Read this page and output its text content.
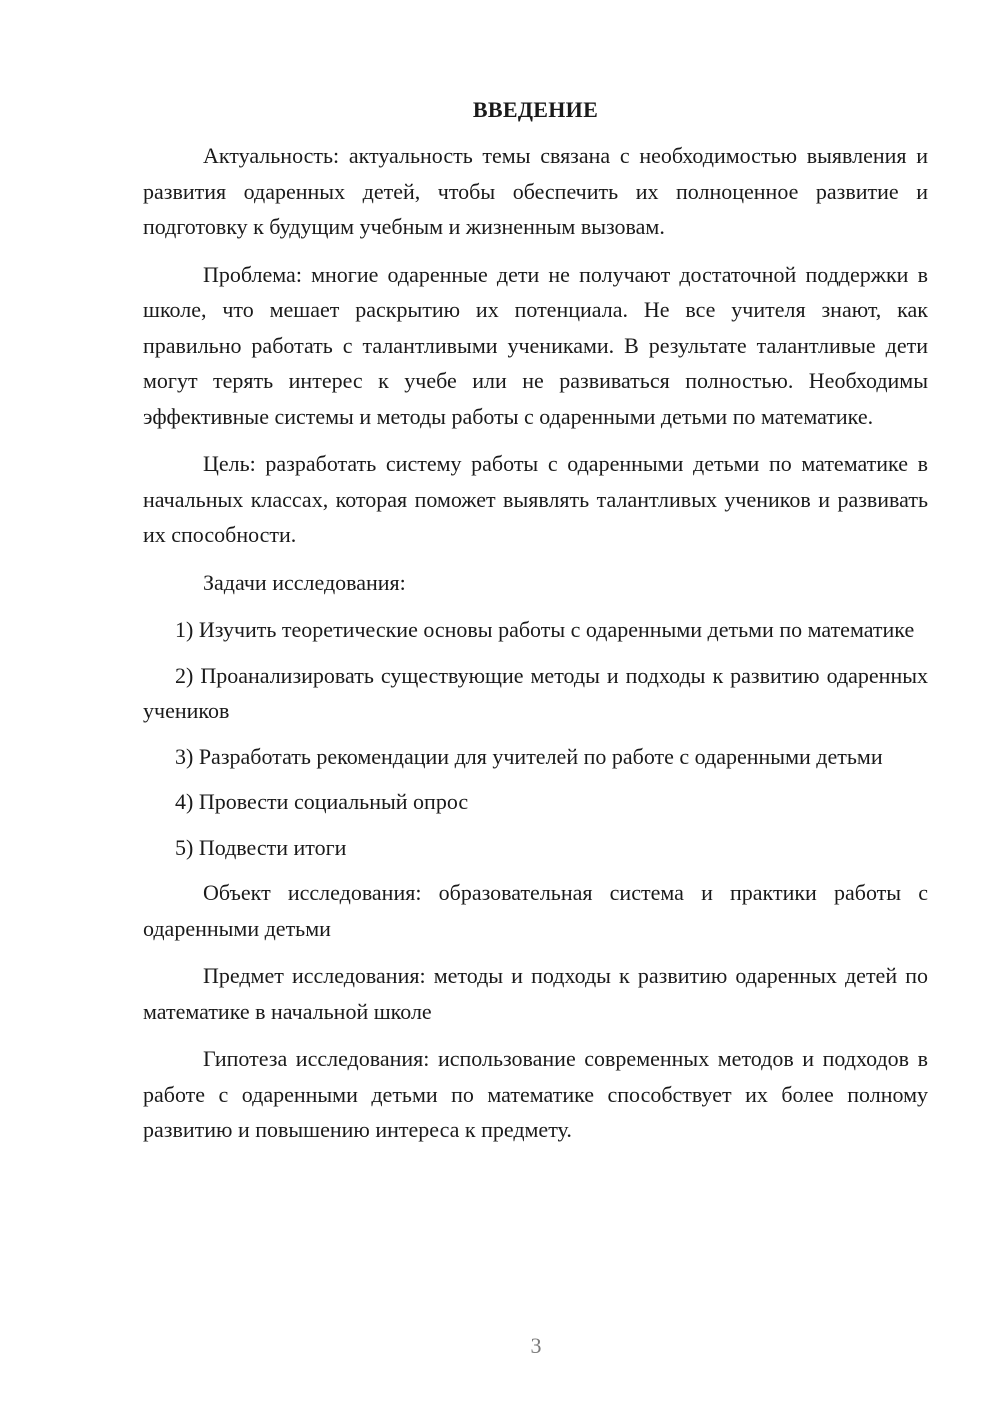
ВВЕДЕНИЕ

Актуальность: актуальность темы связана с необходимостью выявления и развития одаренных детей, чтобы обеспечить их полноценное развитие и подготовку к будущим учебным и жизненным вызовам.

Проблема: многие одаренные дети не получают достаточной поддержки в школе, что мешает раскрытию их потенциала. Не все учителя знают, как правильно работать с талантливыми учениками. В результате талантливые дети могут терять интерес к учебе или не развиваться полностью. Необходимы эффективные системы и методы работы с одаренными детьми по математике.

Цель: разработать систему работы с одаренными детьми по математике в начальных классах, которая поможет выявлять талантливых учеников и развивать их способности.

Задачи исследования:

1) Изучить теоретические основы работы с одаренными детьми по математике

2) Проанализировать существующие методы и подходы к развитию одаренных учеников

3) Разработать рекомендации для учителей по работе с одаренными детьми

4) Провести социальный опрос

5) Подвести итоги

Объект исследования: образовательная система и практики работы с одаренными детьми

Предмет исследования: методы и подходы к развитию одаренных детей по математике в начальной школе

Гипотеза исследования: использование современных методов и подходов в работе с одаренными детьми по математике способствует их более полному развитию и повышению интереса к предмету.

3
